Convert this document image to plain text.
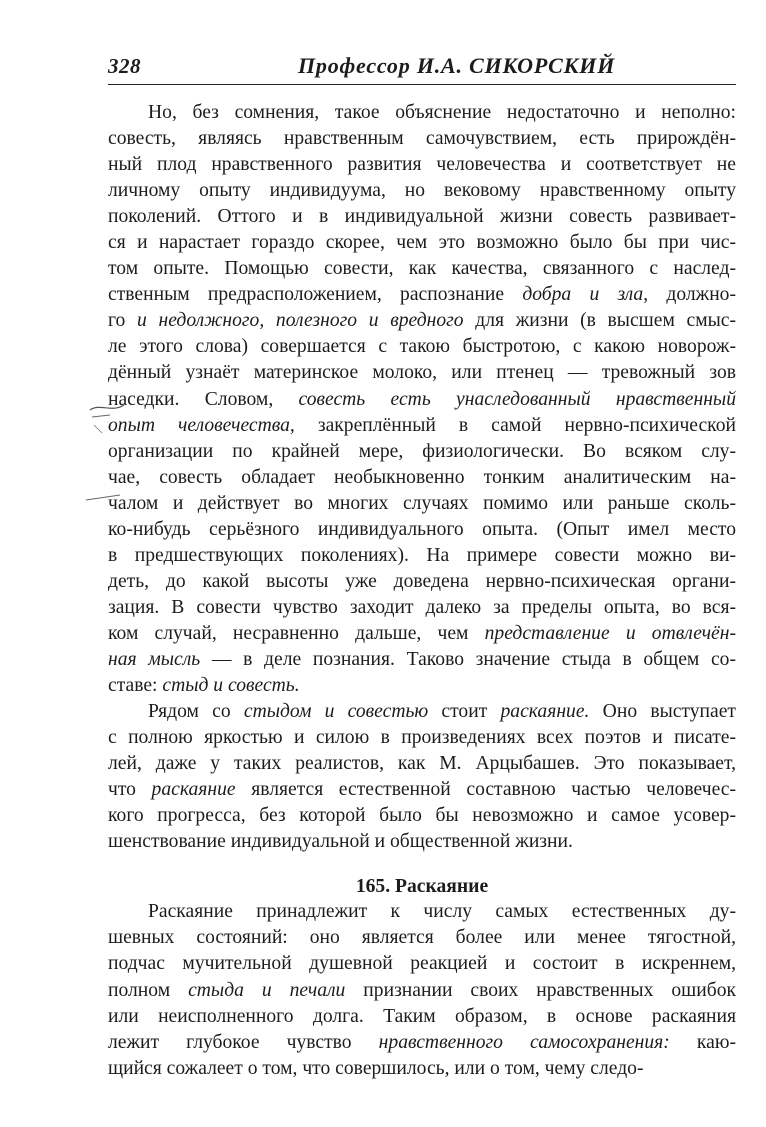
328	Профессор И.А. СИКОРСКИЙ
Но, без сомнения, такое объяснение недостаточно и неполно:
совесть, являясь нравственным самочувствием, есть прирождён-
ный плод нравственного развития человечества и соответствует не
личному опыту индивидуума, но вековому нравственному опыту
поколений. Оттого и в индивидуальной жизни совесть развивает-
ся и нарастает гораздо скорее, чем это возможно было бы при чис-
том опыте. Помощью совести, как качества, связанного с наслед-
ственным предрасположением, распознание добра и зла, должно-
го и недолжного, полезного и вредного для жизни (в высшем смыс-
ле этого слова) совершается с такою быстротою, с какою новорож-
дённый узнаёт материнское молоко, или птенец — тревожный зов
наседки. Словом, совесть есть унаследованный нравственный
опыт человечества, закреплённый в самой нервно-психической
организации по крайней мере, физиологически. Во всяком слу-
чае, совесть обладает необыкновенно тонким аналитическим на-
чалом и действует во многих случаях помимо или раньше сколь-
ко-нибудь серьёзного индивидуального опыта. (Опыт имел место
в предшествующих поколениях). На примере совести можно ви-
деть, до какой высоты уже доведена нервно-психическая органи-
зация. В совести чувство заходит далеко за пределы опыта, во вся-
ком случай, несравненно дальше, чем представление и отвлечён-
ная мысль — в деле познания. Таково значение стыда в общем со-
ставе: стыд и совесть.
Рядом со стыдом и совестью стоит раскаяние. Оно выступает
с полною яркостью и силою в произведениях всех поэтов и писате-
лей, даже у таких реалистов, как М. Арцыбашев. Это показывает,
что раскаяние является естественной составною частью человечес-
кого прогресса, без которой было бы невозможно и самое усовер-
шенствование индивидуальной и общественной жизни.
165. Раскаяние
Раскаяние принадлежит к числу самых естественных ду-
шевных состояний: оно является более или менее тягостной,
подчас мучительной душевной реакцией и состоит в искреннем,
полном стыда и печали признании своих нравственных ошибок
или неисполненного долга. Таким образом, в основе раскаяния
лежит глубокое чувство нравственного самосохранения: каю-
щийся сожалеет о том, что совершилось, или о том, чему следо-
